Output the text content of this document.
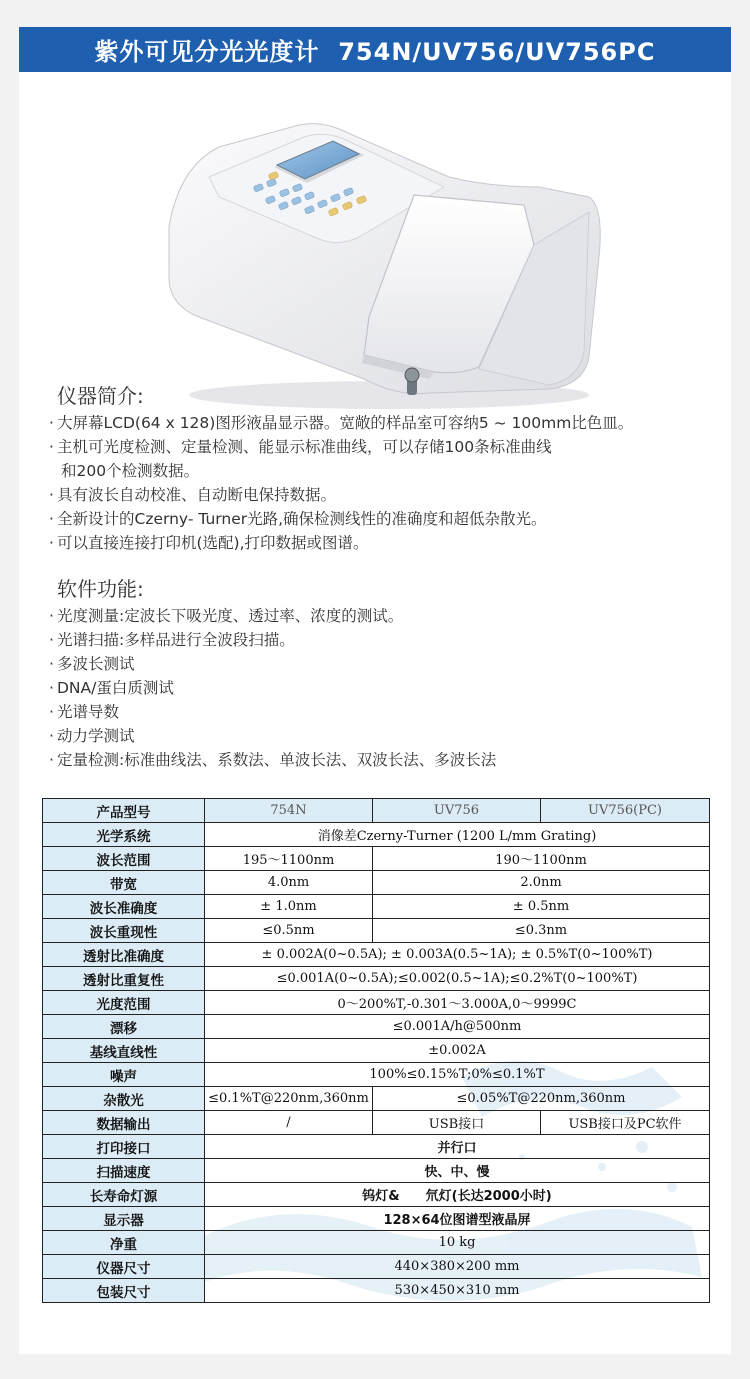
紫外可见分光光度计  754N/UV756/UV756PC
仪器简介:
· 大屏幕LCD(64 x 128)图形液晶显示器。宽敞的样品室可容纳5 ~ 100mm比色皿。
· 主机可光度检测、定量检测、能显示标准曲线，可以存储100条标准曲线
和200个检测数据。
· 具有波长自动校准、自动断电保持数据。
· 全新设计的Czerny- Turner光路,确保检测线性的准确度和超低杂散光。
· 可以直接连接打印机(选配),打印数据或图谱。
软件功能:
· 光度测量:定波长下吸光度、透过率、浓度的测试。
· 光谱扫描:多样品进行全波段扫描。
· 多波长测试
· DNA/蛋白质测试
· 光谱导数
· 动力学测试
· 定量检测:标准曲线法、系数法、单波长法、双波长法、多波长法
产品型号	754N	UV756	UV756(PC)
光学系统	消像差Czerny-Turner (1200 L/mm Grating)		
波长范围	195～1100nm	190～1100nm	
带宽	4.0nm	2.0nm	
波长准确度	± 1.0nm	± 0.5nm	
波长重现性	≤0.5nm	≤0.3nm	
透射比准确度	± 0.002A(0~0.5A); ± 0.003A(0.5~1A); ± 0.5%T(0~100%T)		
透射比重复性	≤0.001A(0~0.5A);≤0.002(0.5~1A);≤0.2%T(0~100%T)		
光度范围	0～200%T,-0.301～3.000A,0～9999C		
漂移	≤0.001A/h@500nm		
基线直线性	±0.002A		
噪声	100%≤0.15%T;0%≤0.1%T		
杂散光	≤0.1%T@220nm,360nm	≤0.05%T@220nm,360nm	
数据输出	/	USB接口	USB接口及PC软件
打印接口	并行口		
扫描速度	快、中、慢		
长寿命灯源	钨灯&　　氘灯(长达2000小时)		
显示器	128×64位图谱型液晶屏		
净重	10 kg		
仪器尺寸	440×380×200 mm		
包装尺寸	530×450×310 mm		
